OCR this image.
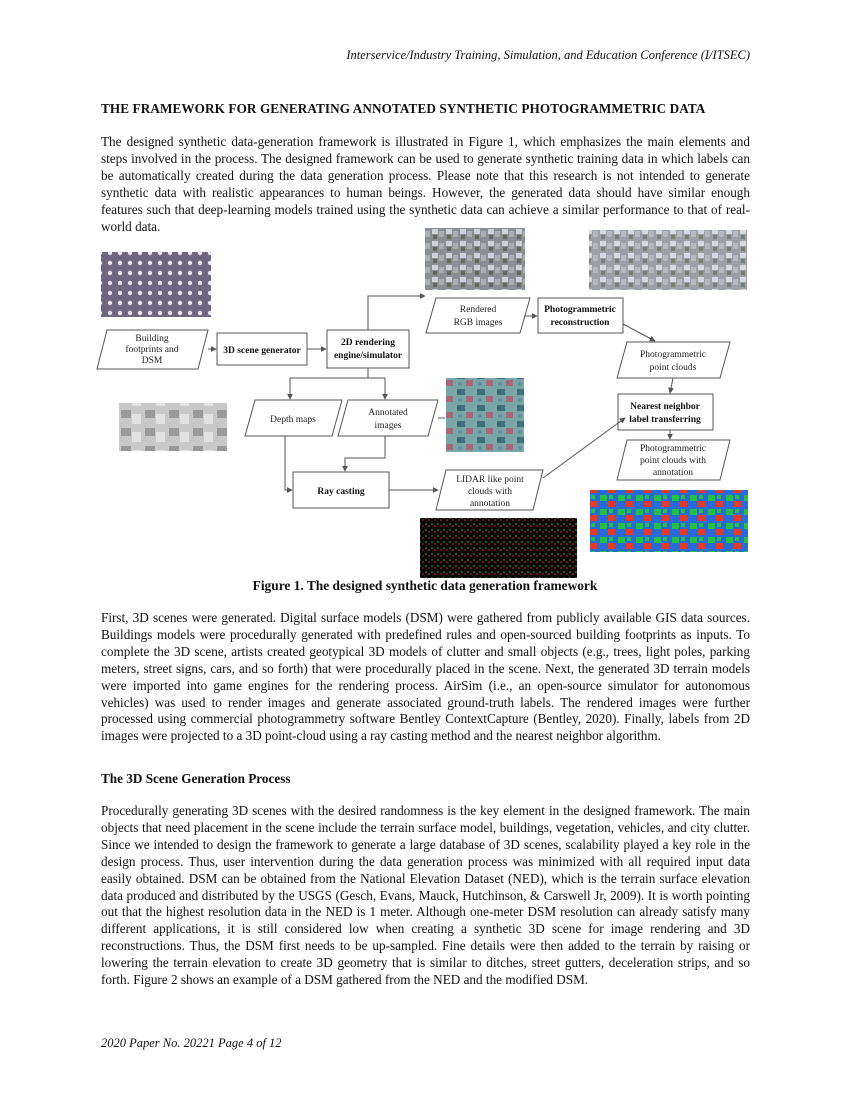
Interservice/Industry Training, Simulation, and Education Conference (I/ITSEC)
THE FRAMEWORK FOR GENERATING ANNOTATED SYNTHETIC PHOTOGRAMMETRIC DATA

The designed synthetic data-generation framework is illustrated in Figure 1, which emphasizes the main elements and steps involved in the process. The designed framework can be used to generate synthetic training data in which labels can be automatically created during the data generation process. Please note that this research is not intended to generate synthetic data with realistic appearances to human beings. However, the generated data should have similar enough features such that deep-learning models trained using the synthetic data can achieve a similar performance to that of real-world data.

Building
footprints and
DSM
3D scene generator
2D rendering
engine/simulator
Rendered
RGB images
Photogrammetric
reconstruction
Photogrammetric
point clouds
Depth maps
Annotated
images
Nearest neighbor
label transferring
Photogrammetric
point clouds with
annotation
Ray casting
LIDAR like point
clouds with
annotation
Figure 1. The designed synthetic data generation framework

First, 3D scenes were generated. Digital surface models (DSM) were gathered from publicly available GIS data sources. Buildings models were procedurally generated with predefined rules and open-sourced building footprints as inputs. To complete the 3D scene, artists created geotypical 3D models of clutter and small objects (e.g., trees, light poles, parking meters, street signs, cars, and so forth) that were procedurally placed in the scene. Next, the generated 3D terrain models were imported into game engines for the rendering process. AirSim (i.e., an open-source simulator for autonomous vehicles) was used to render images and generate associated ground-truth labels. The rendered images were further processed using commercial photogrammetry software Bentley ContextCapture (Bentley, 2020). Finally, labels from 2D images were projected to a 3D point-cloud using a ray casting method and the nearest neighbor algorithm.

The 3D Scene Generation Process

Procedurally generating 3D scenes with the desired randomness is the key element in the designed framework. The main objects that need placement in the scene include the terrain surface model, buildings, vegetation, vehicles, and city clutter. Since we intended to design the framework to generate a large database of 3D scenes, scalability played a key role in the design process. Thus, user intervention during the data generation process was minimized with all required input data easily obtained. DSM can be obtained from the National Elevation Dataset (NED), which is the terrain surface elevation data produced and distributed by the USGS (Gesch, Evans, Mauck, Hutchinson, & Carswell Jr, 2009). It is worth pointing out that the highest resolution data in the NED is 1 meter. Although one-meter DSM resolution can already satisfy many different applications, it is still considered low when creating a synthetic 3D scene for image rendering and 3D reconstructions. Thus, the DSM first needs to be up-sampled. Fine details were then added to the terrain by raising or lowering the terrain elevation to create 3D geometry that is similar to ditches, street gutters, deceleration strips, and so forth. Figure 2 shows an example of a DSM gathered from the NED and the modified DSM.

2020 Paper No. 20221 Page 4 of 12
